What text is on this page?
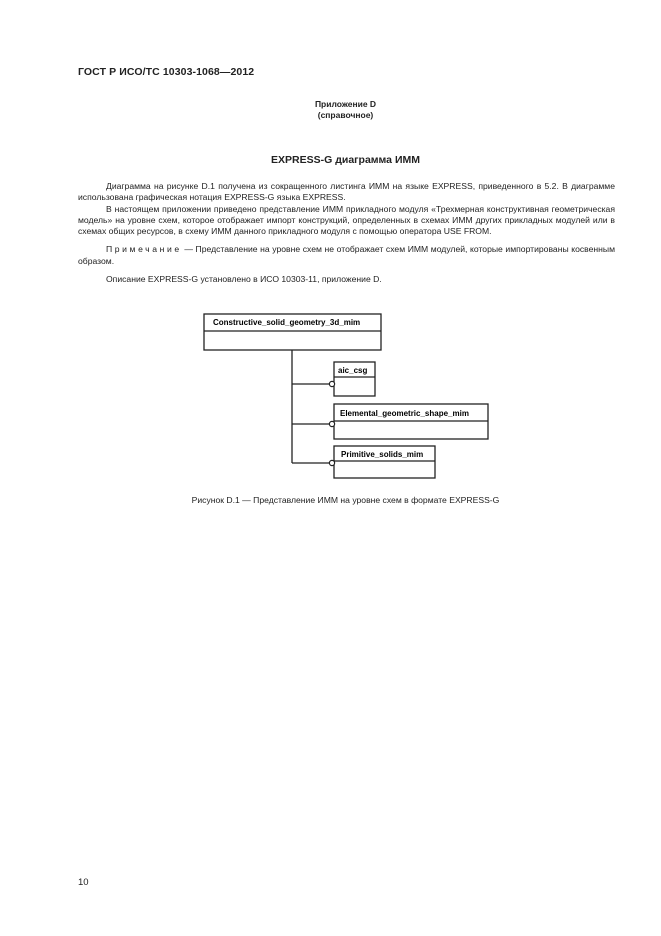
ГОСТ Р ИСО/ТС 10303-1068—2012
Приложение D
(справочное)
EXPRESS-G диаграмма ИММ

Диаграмма на рисунке D.1 получена из сокращенного листинга ИММ на языке EXPRESS, приведенного в 5.2. В диаграмме использована графическая нотация EXPRESS-G языка EXPRESS.

В настоящем приложении приведено представление ИММ прикладного модуля «Трехмерная конструктивная геометрическая модель» на уровне схем, которое отображает импорт конструкций, определенных в схемах ИММ других прикладных модулей или в схемах общих ресурсов, в схему ИММ данного прикладного модуля с помощью оператора USE FROM.

Примечание — Представление на уровне схем не отображает схем ИММ модулей, которые импортированы косвенным образом.

Описание EXPRESS-G установлено в ИСО 10303-11, приложение D.

Constructive_solid_geometry_3d_mim
aic_csg
Elemental_geometric_shape_mim
Primitive_solids_mim
Рисунок D.1 — Представление ИММ на уровне схем в формате EXPRESS-G
10
